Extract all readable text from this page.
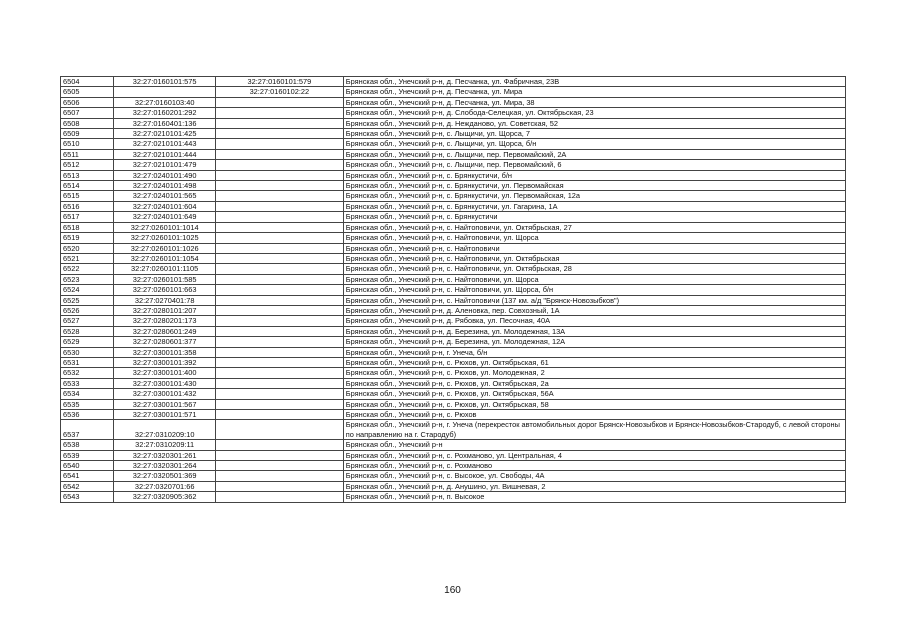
6504	32:27:0160101:575	32:27:0160101:579	Брянская обл., Унечский р-н, д. Песчанка, ул. Фабричная, 23В
6505		32:27:0160102:22	Брянская обл., Унечский р-н, д. Песчанка, ул. Мира
6506	32:27:0160103:40		Брянская обл., Унечский р-н, д. Песчанка, ул. Мира, 38
6507	32:27:0160201:292		Брянская обл., Унечский р-н, д. Слобода-Селецкая, ул. Октябрьская, 23
6508	32:27:0160401:136		Брянская обл., Унечский р-н, д. Нежданово, ул. Советская, 52
6509	32:27:0210101:425		Брянская обл., Унечский р-н, с. Лыщичи, ул. Щорса, 7
6510	32:27:0210101:443		Брянская обл., Унечский р-н, с. Лыщичи, ул. Щорса, б/н
6511	32:27:0210101:444		Брянская обл., Унечский р-н, с. Лыщичи, пер. Первомайский, 2А
6512	32:27:0210101:479		Брянская обл., Унечский р-н, с. Лыщичи, пер. Первомайский, 6
6513	32:27:0240101:490		Брянская обл., Унечский р-н, с. Брянкустичи, б/н
6514	32:27:0240101:498		Брянская обл., Унечский р-н, с. Брянкустичи, ул. Первомайская
6515	32:27:0240101:565		Брянская обл., Унечский р-н, с. Брянкустичи, ул. Первомайская, 12а
6516	32:27:0240101:604		Брянская обл., Унечский р-н, с. Брянкустичи, ул. Гагарина, 1А
6517	32:27:0240101:649		Брянская обл., Унечский р-н, с. Брянкустичи
6518	32:27:0260101:1014		Брянская обл., Унечский р-н, с. Найтоповичи, ул. Октябрьская, 27
6519	32:27:0260101:1025		Брянская обл., Унечский р-н, с. Найтоповичи, ул. Щорса
6520	32:27:0260101:1026		Брянская обл., Унечский р-н, с. Найтоповичи
6521	32:27:0260101:1054		Брянская обл., Унечский р-н, с. Найтоповичи, ул. Октябрьская
6522	32:27:0260101:1105		Брянская обл., Унечский р-н, с. Найтоповичи, ул. Октябрьская, 28
6523	32:27:0260101:585		Брянская обл., Унечский р-н, с. Найтоповичи, ул. Щорса
6524	32:27:0260101:663		Брянская обл., Унечский р-н, с. Найтоповичи, ул. Щорса, б/н
6525	32:27:0270401:78		Брянская обл., Унечский р-н, с. Найтоповичи (137 км. а/д "Брянск-Новозыбков")
6526	32:27:0280101:207		Брянская обл., Унечский р-н, д. Аленовка, пер. Совхозный, 1А
6527	32:27:0280201:173		Брянская обл., Унечский р-н, д. Рябовка, ул. Песочная, 40А
6528	32:27:0280601:249		Брянская обл., Унечский р-н, д. Березина, ул. Молодежная, 13А
6529	32:27:0280601:377		Брянская обл., Унечский р-н, д. Березина, ул. Молодежная, 12А
6530	32:27:0300101:358		Брянская обл., Унечский р-н, г. Унеча, б/н
6531	32:27:0300101:392		Брянская обл., Унечский р-н, с. Рюхов, ул. Октябрьская, 61
6532	32:27:0300101:400		Брянская обл., Унечский р-н, с. Рюхов, ул. Молодежная, 2
6533	32:27:0300101:430		Брянская обл., Унечский р-н, с. Рюхов, ул. Октябрьская, 2а
6534	32:27:0300101:432		Брянская обл., Унечский р-н, с. Рюхов, ул. Октябрьская, 56А
6535	32:27:0300101:567		Брянская обл., Унечский р-н, с. Рюхов, ул. Октябрьская, 58
6536	32:27:0300101:571		Брянская обл., Унечский р-н, с. Рюхов
6537	32:27:0310209:10		Брянская обл., Унечский р-н, г. Унеча (перекресток автомобильных дорог Брянск-Новозыбков и Брянск-Новозыбков-Стародуб, с левой стороны по направлению на г. Стародуб)
6538	32:27:0310209:11		Брянская обл., Унечский р-н
6539	32:27:0320301:261		Брянская обл., Унечский р-н, с. Рохманово, ул. Центральная, 4
6540	32:27:0320301:264		Брянская обл., Унечский р-н, с. Рохманово
6541	32:27:0320501:369		Брянская обл., Унечский р-н, с. Высокое, ул. Свободы, 4А
6542	32:27:0320701:66		Брянская обл., Унечский р-н, д. Анушино, ул. Вишневая, 2
6543	32:27:0320905:362		Брянская обл., Унечский р-н, п. Высокое
160
